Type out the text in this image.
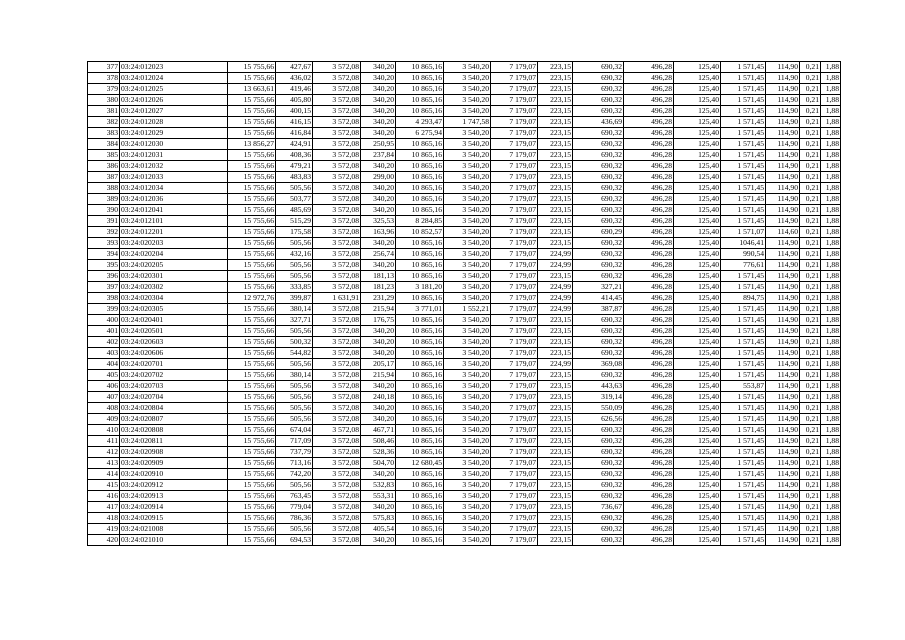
377	03:24:012023	15 755,66	427,67	3 572,08	340,20	10 865,16	3 540,20	7 179,07	223,15	690,32	496,28	125,40	1 571,45	114,90	0,21	1,88
378	03:24:012024	15 755,66	436,02	3 572,08	340,20	10 865,16	3 540,20	7 179,07	223,15	690,32	496,28	125,40	1 571,45	114,90	0,21	1,88
379	03:24:012025	13 663,61	419,46	3 572,08	340,20	10 865,16	3 540,20	7 179,07	223,15	690,32	496,28	125,40	1 571,45	114,90	0,21	1,88
380	03:24:012026	15 755,66	405,80	3 572,08	340,20	10 865,16	3 540,20	7 179,07	223,15	690,32	496,28	125,40	1 571,45	114,90	0,21	1,88
381	03:24:012027	15 755,66	400,15	3 572,08	340,20	10 865,16	3 540,20	7 179,07	223,15	690,32	496,28	125,40	1 571,45	114,90	0,21	1,88
382	03:24:012028	15 755,66	416,15	3 572,08	340,20	4 293,47	1 747,58	7 179,07	223,15	436,69	496,28	125,40	1 571,45	114,90	0,21	1,88
383	03:24:012029	15 755,66	416,84	3 572,08	340,20	6 275,94	3 540,20	7 179,07	223,15	690,32	496,28	125,40	1 571,45	114,90	0,21	1,88
384	03:24:012030	13 856,27	424,91	3 572,08	250,95	10 865,16	3 540,20	7 179,07	223,15	690,32	496,28	125,40	1 571,45	114,90	0,21	1,88
385	03:24:012031	15 755,66	408,36	3 572,08	237,84	10 865,16	3 540,20	7 179,07	223,15	690,32	496,28	125,40	1 571,45	114,90	0,21	1,88
386	03:24:012032	15 755,66	479,21	3 572,08	340,20	10 865,16	3 540,20	7 179,07	223,15	690,32	496,28	125,40	1 571,45	114,90	0,21	1,88
387	03:24:012033	15 755,66	483,83	3 572,08	299,00	10 865,16	3 540,20	7 179,07	223,15	690,32	496,28	125,40	1 571,45	114,90	0,21	1,88
388	03:24:012034	15 755,66	505,56	3 572,08	340,20	10 865,16	3 540,20	7 179,07	223,15	690,32	496,28	125,40	1 571,45	114,90	0,21	1,88
389	03:24:012036	15 755,66	503,77	3 572,08	340,20	10 865,16	3 540,20	7 179,07	223,15	690,32	496,28	125,40	1 571,45	114,90	0,21	1,88
390	03:24:012041	15 755,66	485,69	3 572,08	340,20	10 865,16	3 540,20	7 179,07	223,15	690,32	496,28	125,40	1 571,45	114,90	0,21	1,88
391	03:24:012101	15 755,66	515,29	3 572,08	325,53	8 284,85	3 540,20	7 179,07	223,15	690,32	496,28	125,40	1 571,45	114,90	0,21	1,88
392	03:24:012201	15 755,66	175,58	3 572,08	163,96	10 852,57	3 540,20	7 179,07	223,15	690,29	496,28	125,40	1 571,07	114,60	0,21	1,88
393	03:24:020203	15 755,66	505,56	3 572,08	340,20	10 865,16	3 540,20	7 179,07	223,15	690,32	496,28	125,40	1046,41	114,90	0,21	1,88
394	03:24:020204	15 755,66	432,16	3 572,08	256,74	10 865,16	3 540,20	7 179,07	224,99	690,32	496,28	125,40	990,54	114,90	0,21	1,88
395	03:24:020205	15 755,66	505,56	3 572,08	340,20	10 865,16	3 540,20	7 179,07	224,99	690,32	496,28	125,40	776,61	114,90	0,21	1,88
396	03:24:020301	15 755,66	505,56	3 572,08	181,13	10 865,16	3 540,20	7 179,07	223,15	690,32	496,28	125,40	1 571,45	114,90	0,21	1,88
397	03:24:020302	15 755,66	333,85	3 572,08	181,23	3 181,20	3 540,20	7 179,07	224,99	327,21	496,28	125,40	1 571,45	114,90	0,21	1,88
398	03:24:020304	12 972,76	399,87	1 631,91	231,29	10 865,16	3 540,20	7 179,07	224,99	414,45	496,28	125,40	894,75	114,90	0,21	1,88
399	03:24:020305	15 755,66	380,14	3 572,08	215,94	3 771,01	1 552,21	7 179,07	224,99	387,87	496,28	125,40	1 571,45	114,90	0,21	1,88
400	03:24:020401	15 755,66	327,71	3 572,08	176,75	10 865,16	3 540,20	7 179,07	223,15	690,32	496,28	125,40	1 571,45	114,90	0,21	1,88
401	03:24:020501	15 755,66	505,56	3 572,08	340,20	10 865,16	3 540,20	7 179,07	223,15	690,32	496,28	125,40	1 571,45	114,90	0,21	1,88
402	03:24:020603	15 755,66	500,32	3 572,08	340,20	10 865,16	3 540,20	7 179,07	223,15	690,32	496,28	125,40	1 571,45	114,90	0,21	1,88
403	03:24:020606	15 755,66	544,82	3 572,08	340,20	10 865,16	3 540,20	7 179,07	223,15	690,32	496,28	125,40	1 571,45	114,90	0,21	1,88
404	03:24:020701	15 755,66	505,56	3 572,08	205,17	10 865,16	3 540,20	7 179,07	224,99	369,08	496,28	125,40	1 571,45	114,90	0,21	1,88
405	03:24:020702	15 755,66	380,14	3 572,08	215,94	10 865,16	3 540,20	7 179,07	223,15	690,32	496,28	125,40	1 571,45	114,90	0,21	1,88
406	03:24:020703	15 755,66	505,56	3 572,08	340,20	10 865,16	3 540,20	7 179,07	223,15	443,63	496,28	125,40	553,87	114,90	0,21	1,88
407	03:24:020704	15 755,66	505,56	3 572,08	240,18	10 865,16	3 540,20	7 179,07	223,15	319,14	496,28	125,40	1 571,45	114,90	0,21	1,88
408	03:24:020804	15 755,66	505,56	3 572,08	340,20	10 865,16	3 540,20	7 179,07	223,15	550,09	496,28	125,40	1 571,45	114,90	0,21	1,88
409	03:24:020807	15 755,66	505,56	3 572,08	340,20	10 865,16	3 540,20	7 179,07	223,15	626,56	496,28	125,40	1 571,45	114,90	0,21	1,88
410	03:24:020808	15 755,66	674,04	3 572,08	467,71	10 865,16	3 540,20	7 179,07	223,15	690,32	496,28	125,40	1 571,45	114,90	0,21	1,88
411	03:24:020811	15 755,66	717,09	3 572,08	508,46	10 865,16	3 540,20	7 179,07	223,15	690,32	496,28	125,40	1 571,45	114,90	0,21	1,88
412	03:24:020908	15 755,66	737,79	3 572,08	528,36	10 865,16	3 540,20	7 179,07	223,15	690,32	496,28	125,40	1 571,45	114,90	0,21	1,88
413	03:24:020909	15 755,66	713,16	3 572,08	504,70	12 680,45	3 540,20	7 179,07	223,15	690,32	496,28	125,40	1 571,45	114,90	0,21	1,88
414	03:24:020910	15 755,66	742,20	3 572,08	340,20	10 865,16	3 540,20	7 179,07	223,15	690,32	496,28	125,40	1 571,45	114,90	0,21	1,88
415	03:24:020912	15 755,66	505,56	3 572,08	532,83	10 865,16	3 540,20	7 179,07	223,15	690,32	496,28	125,40	1 571,45	114,90	0,21	1,88
416	03:24:020913	15 755,66	763,45	3 572,08	553,31	10 865,16	3 540,20	7 179,07	223,15	690,32	496,28	125,40	1 571,45	114,90	0,21	1,88
417	03:24:020914	15 755,66	779,04	3 572,08	340,20	10 865,16	3 540,20	7 179,07	223,15	736,67	496,28	125,40	1 571,45	114,90	0,21	1,88
418	03:24:020915	15 755,66	786,36	3 572,08	575,83	10 865,16	3 540,20	7 179,07	223,15	690,32	496,28	125,40	1 571,45	114,90	0,21	1,88
419	03:24:021008	15 755,66	505,56	3 572,08	405,54	10 865,16	3 540,20	7 179,07	223,15	690,32	496,28	125,40	1 571,45	114,90	0,21	1,88
420	03:24:021010	15 755,66	694,53	3 572,08	340,20	10 865,16	3 540,20	7 179,07	223,15	690,32	496,28	125,40	1 571,45	114,90	0,21	1,88
